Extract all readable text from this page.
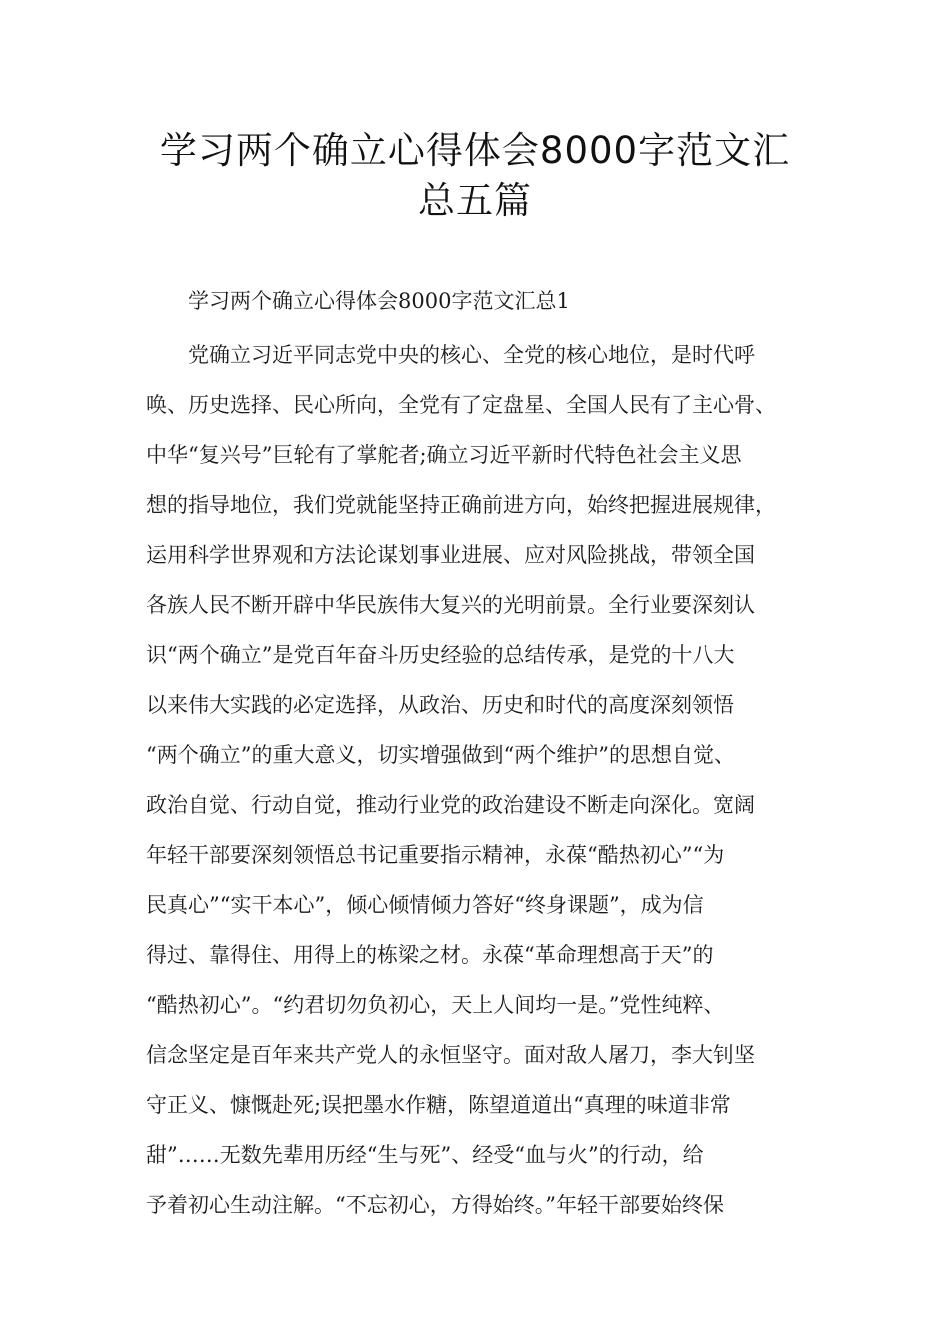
学习两个确立心得体会8000字范文汇
总五篇
学习两个确立心得体会8000字范文汇总1
党确立习近平同志党中央的核心、全党的核心地位，是时代呼
唤、历史选择、民心所向，全党有了定盘星、全国人民有了主心骨、
中华“复兴号”巨轮有了掌舵者;确立习近平新时代特色社会主义思
想的指导地位，我们党就能坚持正确前进方向，始终把握进展规律，
运用科学世界观和方法论谋划事业进展、应对风险挑战，带领全国
各族人民不断开辟中华民族伟大复兴的光明前景。全行业要深刻认
识“两个确立”是党百年奋斗历史经验的总结传承，是党的十八大
以来伟大实践的必定选择，从政治、历史和时代的高度深刻领悟
“两个确立”的重大意义，切实增强做到“两个维护”的思想自觉、
政治自觉、行动自觉，推动行业党的政治建设不断走向深化。宽阔
年轻干部要深刻领悟总书记重要指示精神，永葆“酷热初心”“为
民真心”“实干本心”，倾心倾情倾力答好“终身课题”，成为信
得过、靠得住、用得上的栋梁之材。永葆“革命理想高于天”的
“酷热初心”。“约君切勿负初心，天上人间均一是。”党性纯粹、
信念坚定是百年来共产党人的永恒坚守。面对敌人屠刀，李大钊坚
守正义、慷慨赴死;误把墨水作糖，陈望道道出“真理的味道非常
甜”……无数先辈用历经“生与死”、经受“血与火”的行动，给
予着初心生动注解。“不忘初心，方得始终。”年轻干部要始终保
